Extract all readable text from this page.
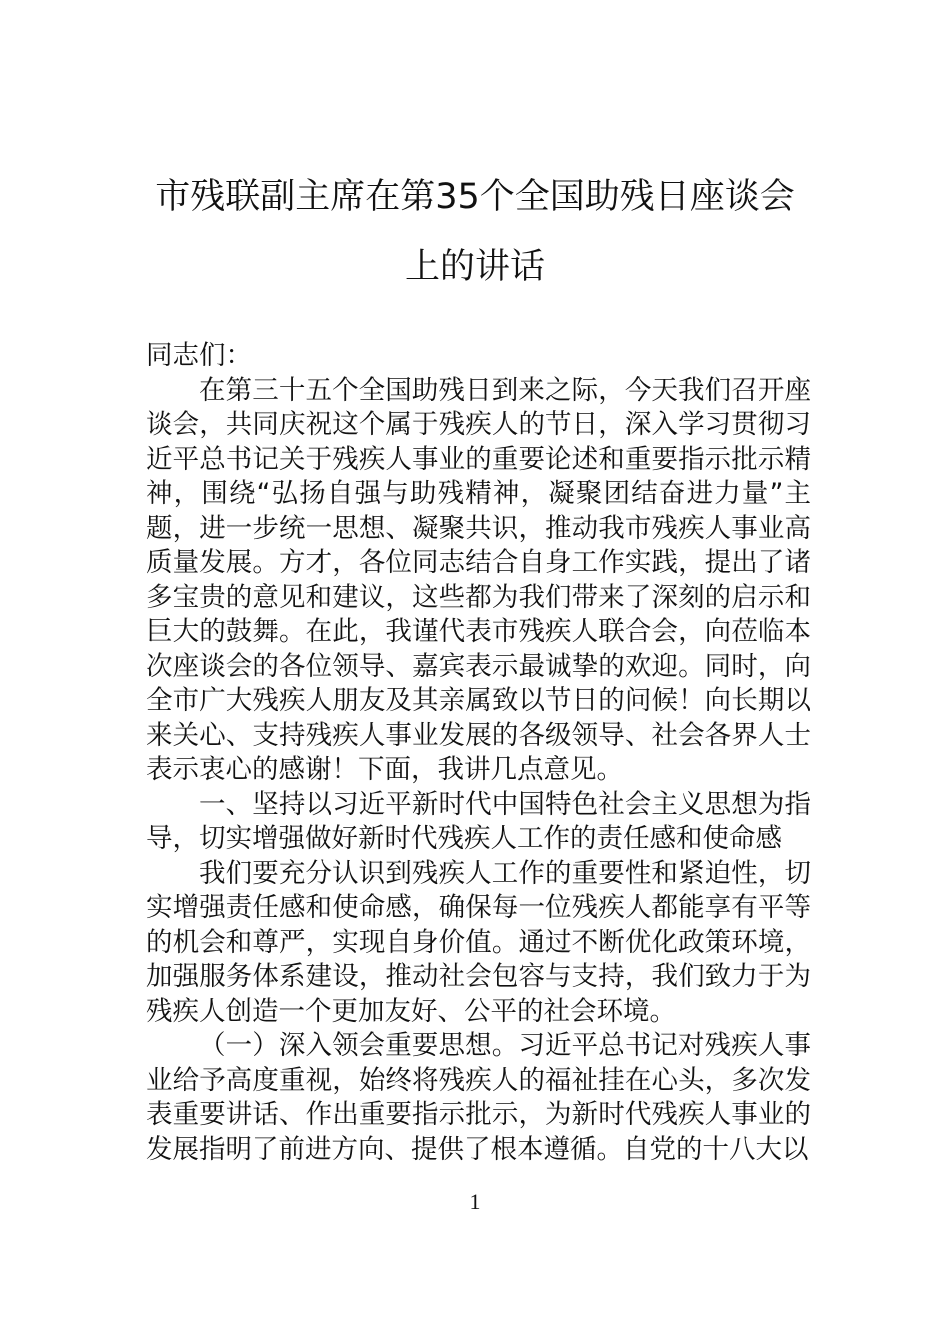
市残联副主席在第35个全国助残日座谈会
上的讲话

同志们：

在第三十五个全国助残日到来之际，今天我们召开座谈会，共同庆祝这个属于残疾人的节日，深入学习贯彻习近平总书记关于残疾人事业的重要论述和重要指示批示精神，围绕“弘扬自强与助残精神，凝聚团结奋进力量”主题，进一步统一思想、凝聚共识，推动我市残疾人事业高质量发展。方才，各位同志结合自身工作实践，提出了诸多宝贵的意见和建议，这些都为我们带来了深刻的启示和巨大的鼓舞。在此，我谨代表市残疾人联合会，向莅临本次座谈会的各位领导、嘉宾表示最诚挚的欢迎。同时，向全市广大残疾人朋友及其亲属致以节日的问候！向长期以来关心、支持残疾人事业发展的各级领导、社会各界人士表示衷心的感谢！下面，我讲几点意见。

一、坚持以习近平新时代中国特色社会主义思想为指导，切实增强做好新时代残疾人工作的责任感和使命感

我们要充分认识到残疾人工作的重要性和紧迫性，切实增强责任感和使命感，确保每一位残疾人都能享有平等的机会和尊严，实现自身价值。通过不断优化政策环境，加强服务体系建设，推动社会包容与支持，我们致力于为残疾人创造一个更加友好、公平的社会环境。

（一）深入领会重要思想。习近平总书记对残疾人事业给予高度重视，始终将残疾人的福祉挂在心头，多次发表重要讲话、作出重要指示批示，为新时代残疾人事业的发展指明了前进方向、提供了根本遵循。自党的十八大以

1
